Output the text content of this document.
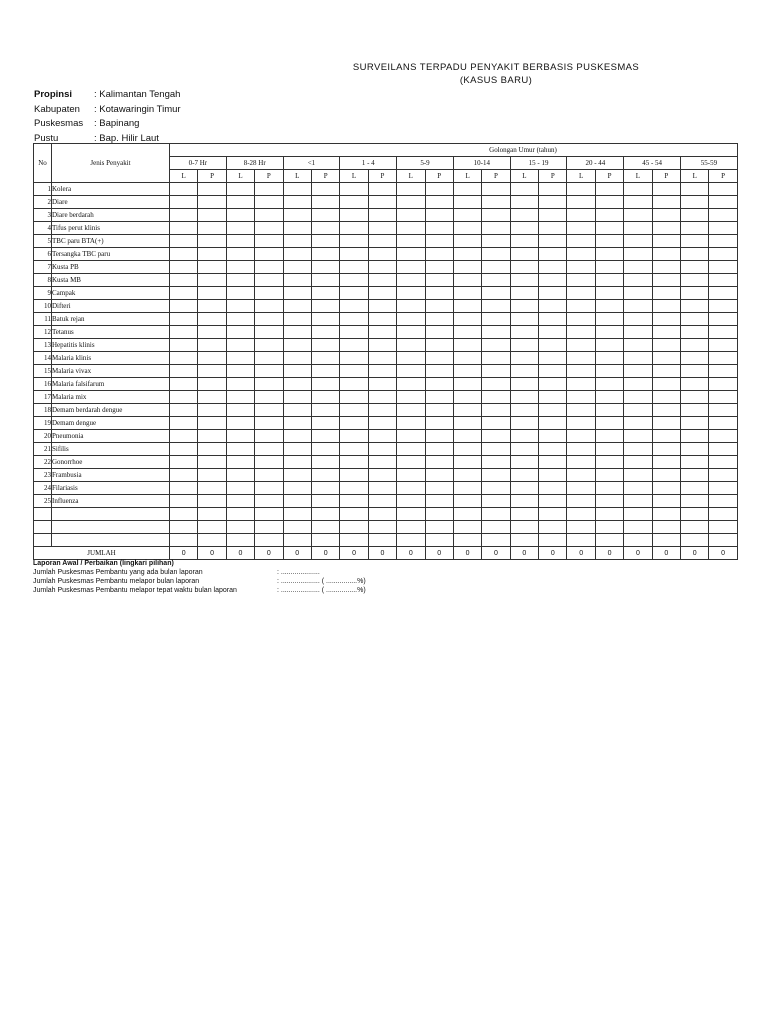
SURVEILANS TERPADU PENYAKIT BERBASIS PUSKESMAS
(KASUS BARU)
Propinsi : Kalimantan Tengah
Kabupaten : Kotawaringin Timur
Puskesmas : Bapinang
Pustu	: Bap. Hilir Laut
No	Jenis Penyakit	Golongan Umur (tahun)																			
		0-7 Hr		8-28 Hr		<1		1 - 4		5-9		10-14		15 - 19		20 - 44		45 - 54		55-59	
		L	P	L	P	L	P	L	P	L	P	L	P	L	P	L	P	L	P	L	P
1	Kolera																				
2	Diare																				
3	Diare berdarah																				
4	Tifus perut klinis																				
5	TBC paru BTA(+)																				
6	Tersangka TBC paru																				
7	Kusta PB																				
8	Kusta MB																				
9	Campak																				
10	Difteri																				
11	Batuk rejan																				
12	Tetanus																				
13	Hepatitis klinis																				
14	Malaria klinis																				
15	Malaria vivax																				
16	Malaria falsifarum																				
17	Malaria mix																				
18	Demam berdarah dengue																				
19	Demam dengue																				
20	Pneumonia																				
21	Sifilis																				
22	Gonorrhoe																				
23	Frambusia																				
24	Filariasis																				
25	Influenza																				

JUMLAH		0	0	0	0	0	0	0	0	0	0	0	0	0	0	0	0	0	0	0	0
Laporan Awal / Perbaikan (lingkari pilihan)
Jumlah Puskesmas Pembantu yang ada bulan laporan	: ....................
Jumlah Puskesmas Pembantu melapor bulan laporan	: .................... ( ................%)
Jumlah Puskesmas Pembantu melapor tepat waktu bulan laporan	: .................... ( ................%)
